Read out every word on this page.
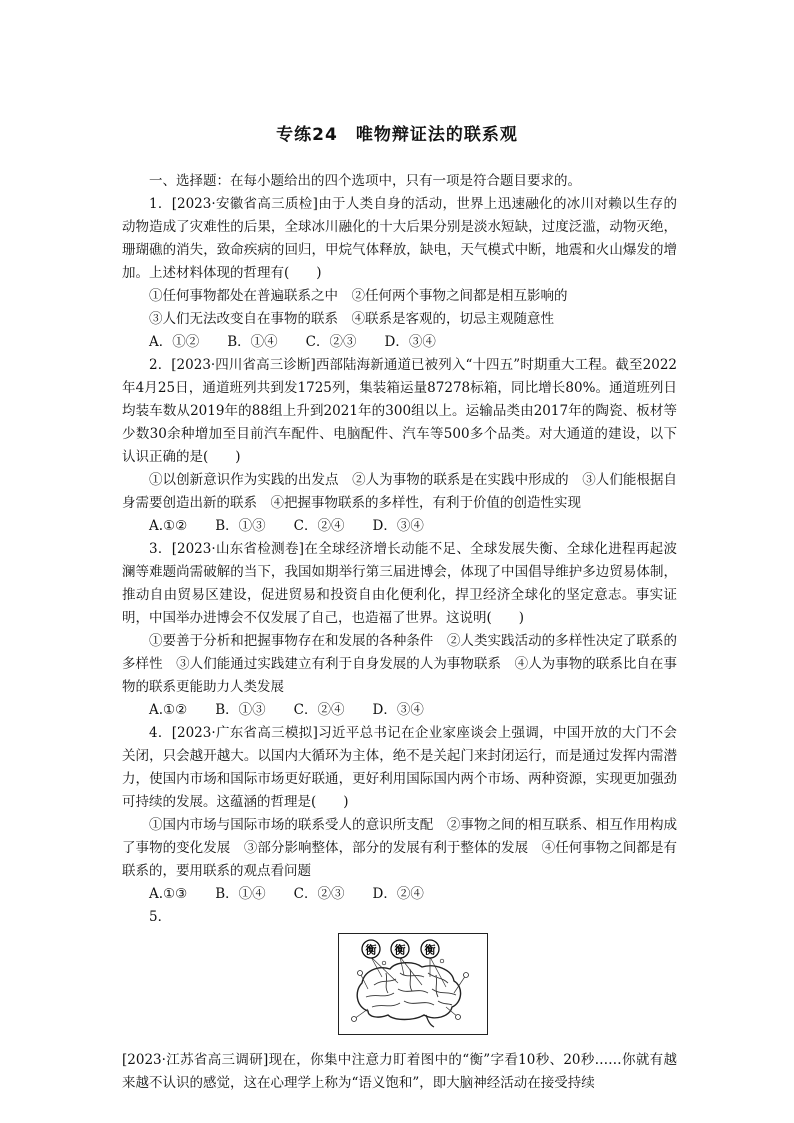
专练24　唯物辩证法的联系观

一、选择题：在每小题给出的四个选项中，只有一项是符合题目要求的。

1．[2023·安徽省高三质检]由于人类自身的活动，世界上迅速融化的冰川对赖以生存的动物造成了灾难性的后果，全球冰川融化的十大后果分别是淡水短缺，过度泛滥，动物灭绝，珊瑚礁的消失，致命疾病的回归，甲烷气体释放，缺电，天气模式中断，地震和火山爆发的增加。上述材料体现的哲理有(　　)

①任何事物都处在普遍联系之中　②任何两个事物之间都是相互影响的

③人们无法改变自在事物的联系　④联系是客观的，切忌主观随意性

A．①② B．①④ C．②③ D．③④

2．[2023·四川省高三诊断]西部陆海新通道已被列入“十四五”时期重大工程。截至2022年4月25日，通道班列共到发1725列，集装箱运量87278标箱，同比增长80%。通道班列日均装车数从2019年的88组上升到2021年的300组以上。运输品类由2017年的陶瓷、板材等少数30余种增加至目前汽车配件、电脑配件、汽车等500多个品类。对大通道的建设，以下认识正确的是(　　)

①以创新意识作为实践的出发点　②人为事物的联系是在实践中形成的　③人们能根据自身需要创造出新的联系　④把握事物联系的多样性，有利于价值的创造性实现

A.①② B．①③ C．②④ D．③④

3．[2023·山东省检测卷]在全球经济增长动能不足、全球发展失衡、全球化进程再起波澜等难题尚需破解的当下，我国如期举行第三届进博会，体现了中国倡导维护多边贸易体制，推动自由贸易区建设，促进贸易和投资自由化便利化，捍卫经济全球化的坚定意志。事实证明，中国举办进博会不仅发展了自己，也造福了世界。这说明(　　)

①要善于分析和把握事物存在和发展的各种条件　②人类实践活动的多样性决定了联系的多样性　③人们能通过实践建立有利于自身发展的人为事物联系　④人为事物的联系比自在事物的联系更能助力人类发展

A.①② B．①③ C．②④ D．③④

4．[2023·广东省高三模拟]习近平总书记在企业家座谈会上强调，中国开放的大门不会关闭，只会越开越大。以国内大循环为主体，绝不是关起门来封闭运行，而是通过发挥内需潜力，使国内市场和国际市场更好联通，更好利用国际国内两个市场、两种资源，实现更加强劲可持续的发展。这蕴涵的哲理是(　　)

①国内市场与国际市场的联系受人的意识所支配　②事物之间的相互联系、相互作用构成了事物的变化发展　③部分影响整体，部分的发展有利于整体的发展　④任何事物之间都是有联系的，要用联系的观点看问题

A.①③ B．①④ C．②③ D．②④

5．

衡 衡 衡

[2023·江苏省高三调研]现在，你集中注意力盯着图中的“衡”字看10秒、20秒……你就有越来越不认识的感觉，这在心理学上称为“语义饱和”，即大脑神经活动在接受持续
